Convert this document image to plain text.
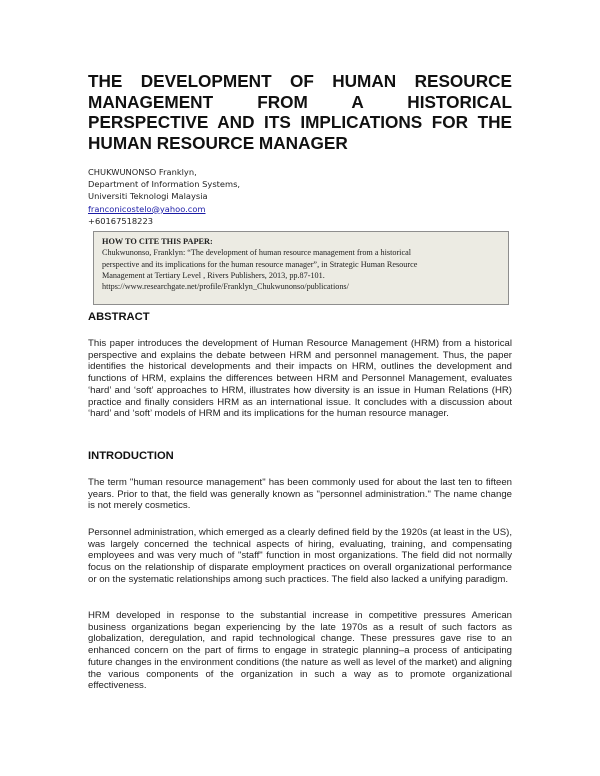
THE DEVELOPMENT OF HUMAN RESOURCE MANAGEMENT FROM A HISTORICAL PERSPECTIVE AND ITS IMPLICATIONS FOR THE HUMAN RESOURCE MANAGER
CHUKWUNONSO Franklyn,
Department of Information Systems,
Universiti Teknologi Malaysia
franconicostelo@yahoo.com
+60167518223
HOW TO CITE THIS PAPER:
Chukwunonso, Franklyn: “The development of human resource management from a historical
perspective and its implications for the human resource manager”, in Strategic Human Resource
Management at Tertiary Level , Rivers Publishers, 2013, pp.87-101.
https://www.researchgate.net/profile/Franklyn_Chukwunonso/publications/
ABSTRACT

This paper introduces the development of Human Resource Management (HRM) from a historical perspective and explains the debate between HRM and personnel management. Thus, the paper identifies the historical developments and their impacts on HRM, outlines the development and functions of HRM, explains the differences between HRM and Personnel Management, evaluates ‘hard’ and ‘soft’ approaches to HRM, illustrates how diversity is an issue in Human Relations (HR) practice and finally considers HRM as an international issue. It concludes with a discussion about ‘hard’ and ‘soft’ models of HRM and its implications for the human resource manager.

INTRODUCTION

The term "human resource management" has been commonly used for about the last ten to fifteen years. Prior to that, the field was generally known as "personnel administration." The name change is not merely cosmetics.

Personnel administration, which emerged as a clearly defined field by the 1920s (at least in the US), was largely concerned the technical aspects of hiring, evaluating, training, and compensating employees and was very much of "staff" function in most organizations. The field did not normally focus on the relationship of disparate employment practices on overall organizational performance or on the systematic relationships among such practices. The field also lacked a unifying paradigm.

HRM developed in response to the substantial increase in competitive pressures American business organizations began experiencing by the late 1970s as a result of such factors as globalization, deregulation, and rapid technological change. These pressures gave rise to an enhanced concern on the part of firms to engage in strategic planning–a process of anticipating future changes in the environment conditions (the nature as well as level of the market) and aligning the various components of the organization in such a way as to promote organizational effectiveness.
